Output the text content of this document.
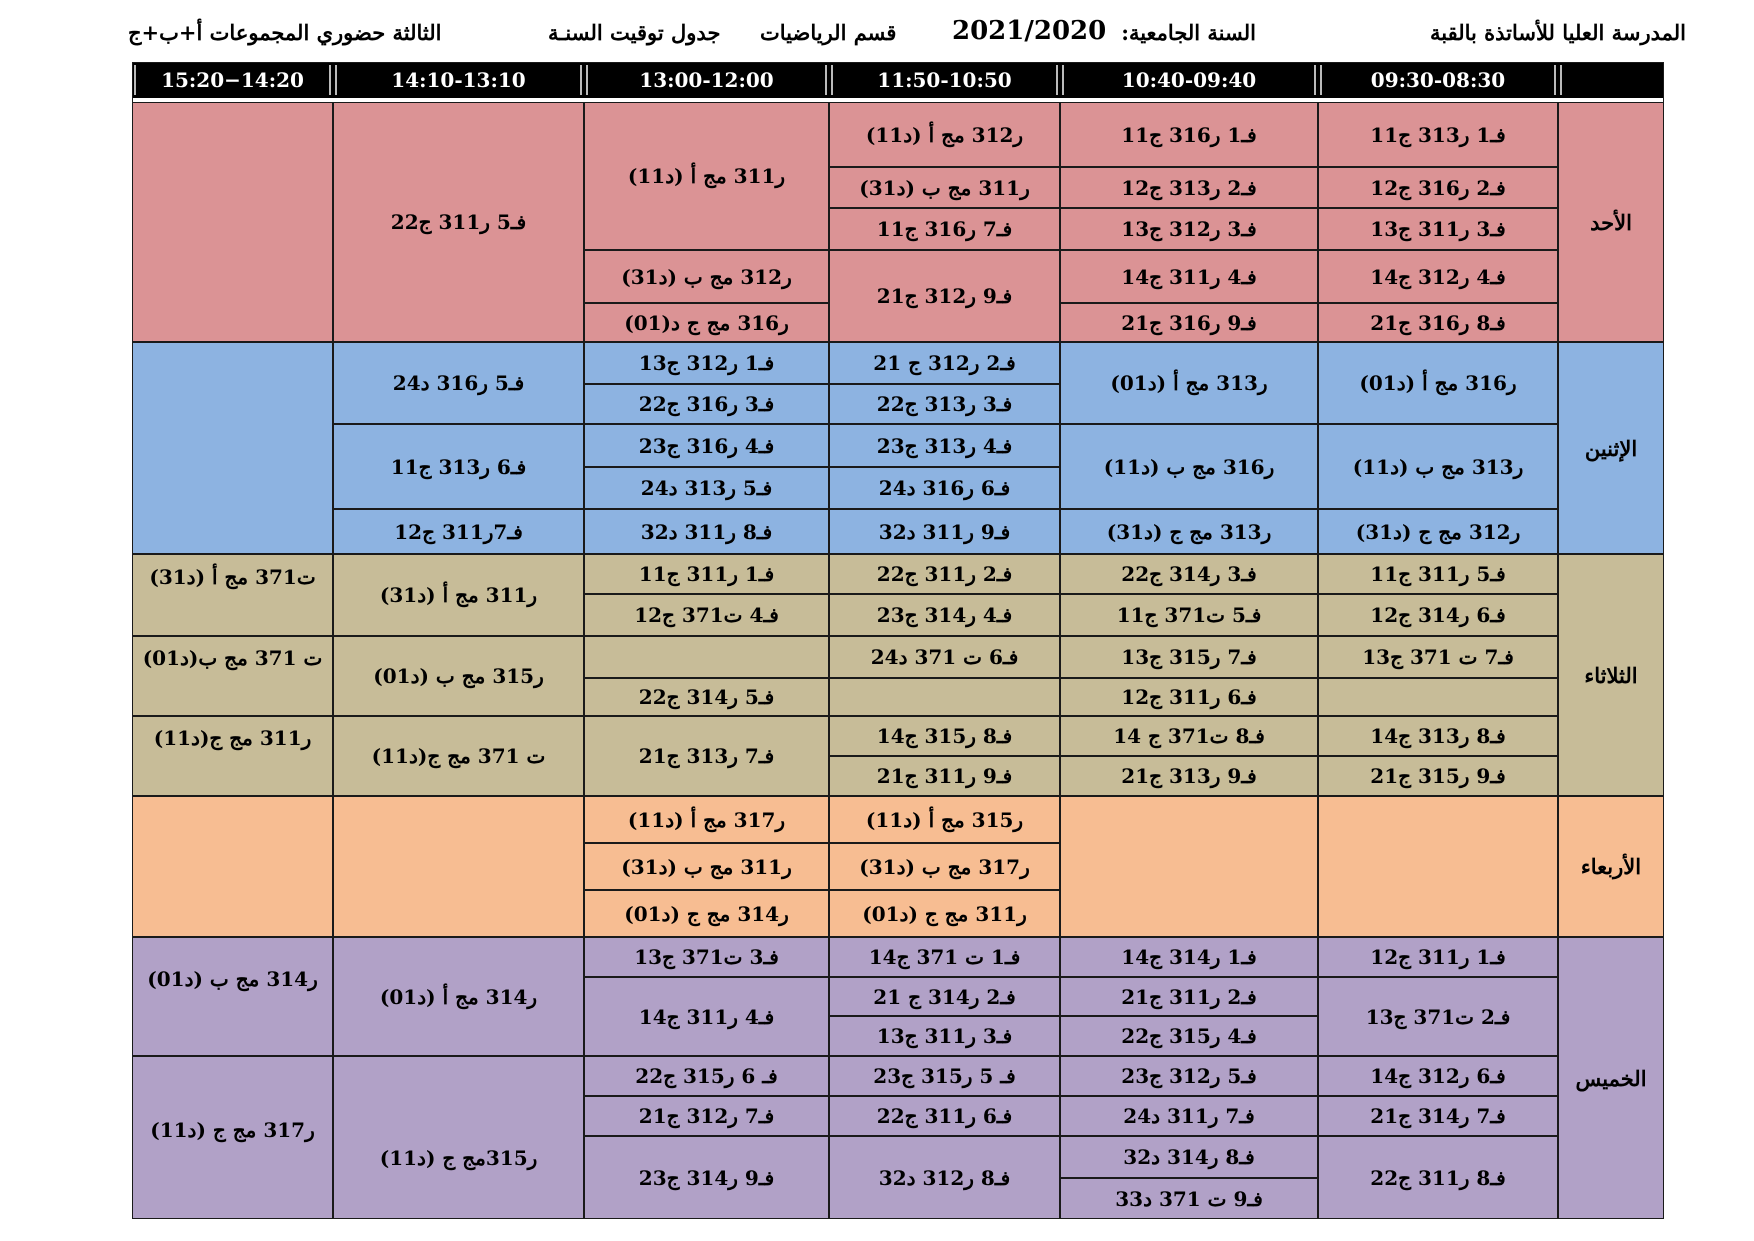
المدرسة العليا للأساتذة بالقبة
السنة الجامعية:
2021/2020
قسم الرياضيات
جدول توقيت السنـة
الثالثة حضوري المجموعات أ+ب+ج
09:30-08:30
10:40-09:40
11:50-10:50
13:00-12:00
14:10-13:10
15:20−14:20
الأحد
فـ1 ر313 ج11
فـ2 ر316 ج12
فـ3 ر311 ج13
فـ4 ر312 ج14
فـ8 ر316 ج21
فـ1 ر316 ج11
فـ2 ر313 ج12
فـ3 ر312 ج13
فـ4 ر311 ج14
فـ9 ر316 ج21
ر312 مج أ (د11)
ر311 مج ب (د31)
فـ7 ر316 ج11
فـ9 ر312 ج21
ر311 مج أ (د11)
ر312 مج ب (د31)
ر316 مج ج د(01)
فـ5 ر311 ج22
الإثنين
ر316 مج أ (د01)
ر313 مج ب (د11)
ر312 مج ج (د31)
ر313 مج أ (د01)
ر316 مج ب (د11)
ر313 مج ج (د31)
فـ2 ر312 ج 21
فـ3 ر313 ج22
فـ4 ر313 ج23
فـ6 ر316 د24
فـ9 ر311 د32
فـ1 ر312 ج13
فـ3 ر316 ج22
فـ4 ر316 ج23
فـ5 ر313 د24
فـ8 ر311 د32
فـ5 ر316 د24
فـ6 ر313 ج11
فـ7ر311 ج12
الثلاثاء
فـ5 ر311 ج11
فـ6 ر314 ج12
فـ7 ت 371 ج13
فـ8 ر313 ج14
فـ9 ر315 ج21
فـ3 ر314 ج22
فـ5 ت371 ج11
فـ7 ر315 ج13
فـ6 ر311 ج12
فـ8 ت371 ج 14
فـ9 ر313 ج21
فـ2 ر311 ج22
فـ4 ر314 ج23
فـ6 ت 371 د24
فـ8 ر315 ج14
فـ9 ر311 ج21
فـ1 ر311 ج11
فـ4 ت371 ج12
فـ5 ر314 ج22
فـ7 ر313 ج21
ر311 مج أ (د31)
ر315 مج ب (د01)
ت 371 مج ج(د11)
ت371 مج أ (د31)
ت 371 مج ب(د01)
ر311 مج ج(د11)
الأربعاء
ر315 مج أ (د11)
ر317 مج ب (د31)
ر311 مج ج (د01)
ر317 مج أ (د11)
ر311 مج ب (د31)
ر314 مج ج (د01)
الخميس
فـ1 ر311 ج12
فـ2 ت371 ج13
فـ6 ر312 ج14
فـ7 ر314 ج21
فـ8 ر311 ج22
فـ1 ر314 ج14
فـ2 ر311 ج21
فـ4 ر315 ج22
فـ5 ر312 ج23
فـ7 ر311 د24
فـ8 ر314 د32
فـ9 ت 371 د33
فـ1 ت 371 ج14
فـ2 ر314 ج 21
فـ3 ر311 ج13
فـ 5 ر315 ج23
فـ6 ر311 ج22
فـ8 ر312 د32
فـ3 ت371 ج13
فـ4 ر311 ج14
فـ 6 ر315 ج22
فـ7 ر312 ج21
فـ9 ر314 ج23
ر314 مج أ (د01)
ر315مج ج (د11)
ر314 مج ب (د01)
ر317 مج ج (د11)
